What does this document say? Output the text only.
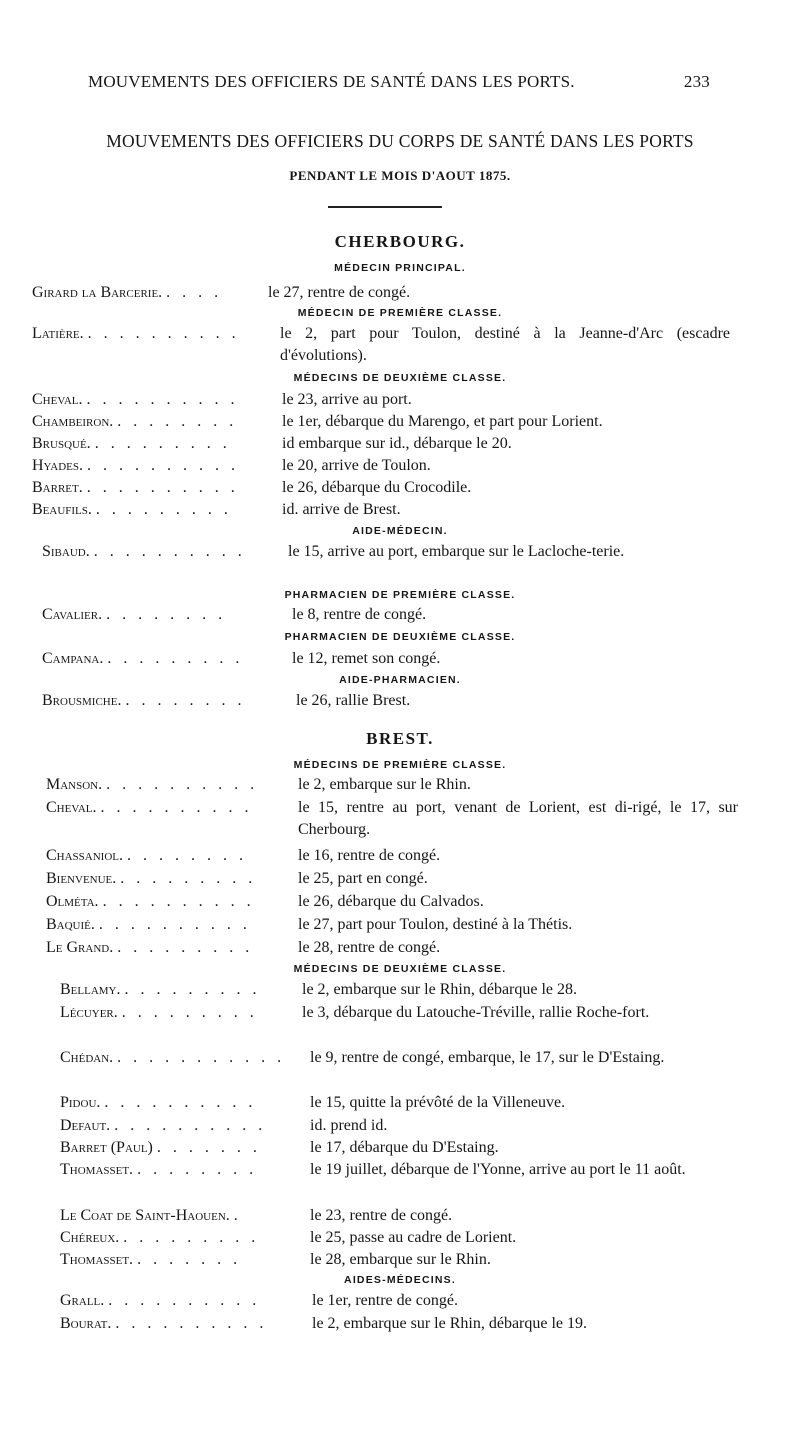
MOUVEMENTS DES OFFICIERS DE SANTÉ DANS LES PORTS.	233
MOUVEMENTS DES OFFICIERS DU CORPS DE SANTÉ DANS LES PORTS
PENDANT LE MOIS D'AOUT 1875.
CHERBOURG.
MÉDECIN PRINCIPAL.
Girard la Barcerie. . . . .	le 27, rentre de congé.
MÉDECIN DE PREMIÈRE CLASSE.
Latière. . . . . . . . . . .	le 2, part pour Toulon, destiné à la Jeanne-d'Arc (escadre d'évolutions).
MÉDECINS DE DEUXIÈME CLASSE.
Cheval. . . . . . . . . . .	le 23, arrive au port.
Chambeiron. . . . . . . . .	le 1er, débarque du Marengo, et part pour Lorient.
Brusqué. . . . . . . . . .	id embarque sur id., débarque le 20.
Hyades. . . . . . . . . . .	le 20, arrive de Toulon.
Barret. . . . . . . . . . .	le 26, débarque du Crocodile.
Beaufils. . . . . . . . . .	id. arrive de Brest.
AIDE-MÉDECIN.
Sibaud. . . . . . . . . . .	le 15, arrive au port, embarque sur le Lacloche-terie.
PHARMACIEN DE PREMIÈRE CLASSE.
Cavalier. . . . . . . . .	le 8, rentre de congé.
PHARMACIEN DE DEUXIÈME CLASSE.
Campana. . . . . . . . . .	le 12, remet son congé.
AIDE-PHARMACIEN.
Brousmiche. . . . . . . . .	le 26, rallie Brest.
BREST.
MÉDECINS DE PREMIÈRE CLASSE.
Manson. . . . . . . . . . . le 2, embarque sur le Rhin.
Cheval. . . . . . . . . . .	le 15, rentre au port, venant de Lorient, est di-rigé, le 17, sur Cherbourg.
Chassaniol. . . . . . . . .	le 16, rentre de congé.
Bienvenue. . . . . . . . . .	le 25, part en congé.
Olméta. . . . . . . . . . .	le 26, débarque du Calvados.
Baquié. . . . . . . . . . .	le 27, part pour Toulon, destiné à la Thétis.
Le Grand. . . . . . . . . .	le 28, rentre de congé.
MÉDECINS DE DEUXIÈME CLASSE.
Bellamy. . . . . . . . . .	le 2, embarque sur le Rhin, débarque le 28.
Lécuyer. . . . . . . . . .	le 3, débarque du Latouche-Tréville, rallie Roche-fort.
Chédan. . . . . . . . . . . . le 9, rentre de congé, embarque, le 17, sur le D'Estaing.
Pidou. . . . . . . . . . .	le 15, quitte la prévôté de la Villeneuve.
Defaut. . . . . . . . . . .	id. prend id.
Barret (Paul) . . . . . . .	le 17, débarque du D'Estaing.
Thomasset. . . . . . . . .	le 19 juillet, débarque de l'Yonne, arrive au port le 11 août.
Le Coat de Saint-Haouen. .	le 23, rentre de congé.
Chéreux. . . . . . . . . .	le 25, passe au cadre de Lorient.
Thomasset. . . . . . . .	le 28, embarque sur le Rhin.
AIDES-MÉDECINS.
Grall. . . . . . . . . . .	le 1er, rentre de congé.
Bourat. . . . . . . . . . .	le 2, embarque sur le Rhin, débarque le 19.
